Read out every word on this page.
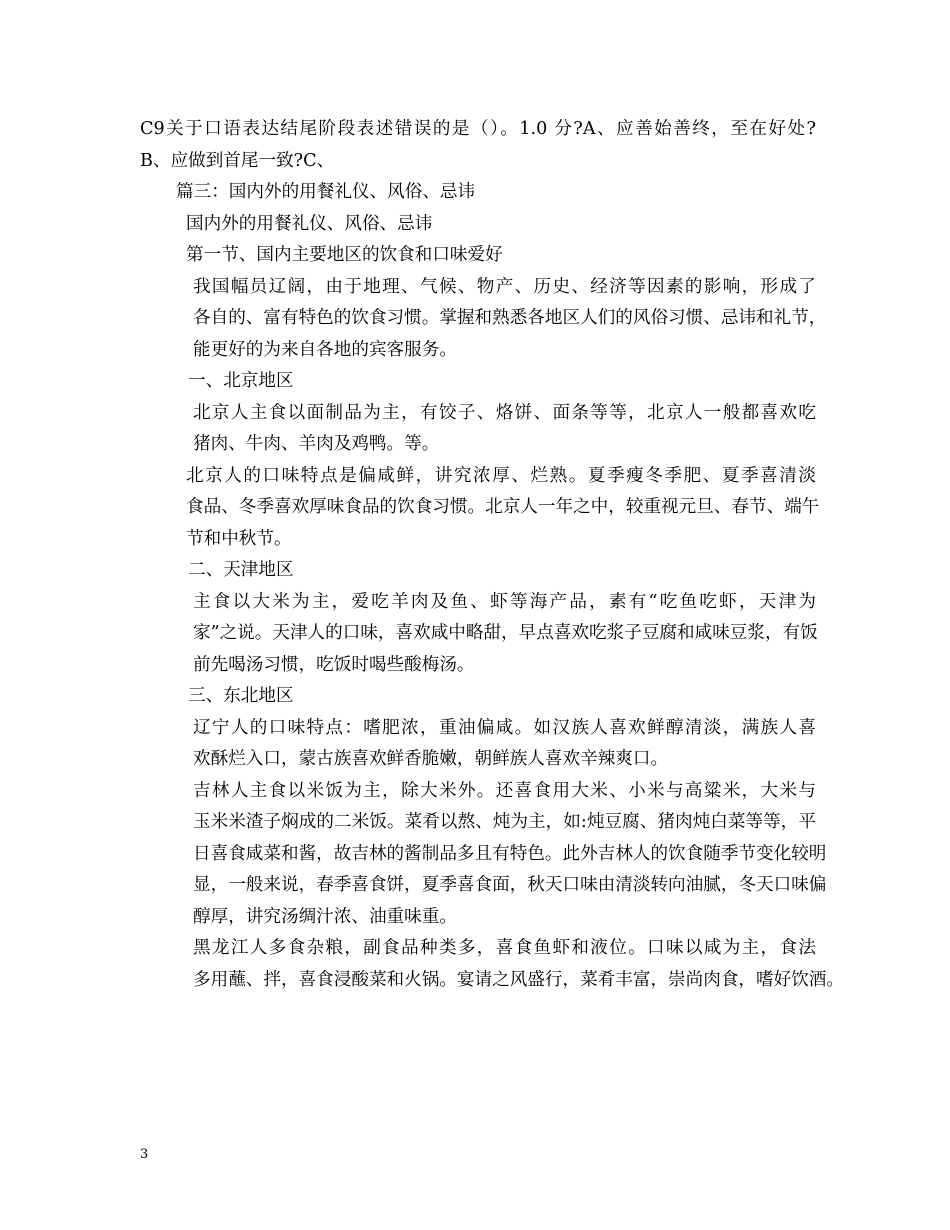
C9关于口语表达结尾阶段表述错误的是（）。1.0 分?A、应善始善终，至在好处?
B、应做到首尾一致?C、
篇三：国内外的用餐礼仪、风俗、忌讳
国内外的用餐礼仪、风俗、忌讳
第一节、国内主要地区的饮食和口味爱好
我国幅员辽阔，由于地理、气候、物产、历史、经济等因素的影响，形成了
各自的、富有特色的饮食习惯。掌握和熟悉各地区人们的风俗习惯、忌讳和礼节，
能更好的为来自各地的宾客服务。
一、北京地区
北京人主食以面制品为主，有饺子、烙饼、面条等等，北京人一般都喜欢吃
猪肉、牛肉、羊肉及鸡鸭。等。
北京人的口味特点是偏咸鲜，讲究浓厚、烂熟。夏季瘦冬季肥、夏季喜清淡
食品、冬季喜欢厚味食品的饮食习惯。北京人一年之中，较重视元旦、春节、端午
节和中秋节。
二、天津地区
主食以大米为主，爱吃羊肉及鱼、虾等海产品，素有“吃鱼吃虾，天津为
家”之说。天津人的口味，喜欢咸中略甜，早点喜欢吃浆子豆腐和咸味豆浆，有饭
前先喝汤习惯，吃饭时喝些酸梅汤。
三、东北地区
辽宁人的口味特点：嗜肥浓，重油偏咸。如汉族人喜欢鲜醇清淡，满族人喜
欢酥烂入口，蒙古族喜欢鲜香脆嫩，朝鲜族人喜欢辛辣爽口。
吉林人主食以米饭为主，除大米外。还喜食用大米、小米与高粱米，大米与
玉米米渣子焖成的二米饭。菜肴以熬、炖为主，如:炖豆腐、猪肉炖白菜等等，平
日喜食咸菜和酱，故吉林的酱制品多且有特色。此外吉林人的饮食随季节变化较明
显，一般来说，春季喜食饼，夏季喜食面，秋天口味由清淡转向油腻，冬天口味偏
醇厚，讲究汤绸汁浓、油重味重。
黑龙江人多食杂粮，副食品种类多，喜食鱼虾和液位。口味以咸为主，食法
多用蘸、拌，喜食浸酸菜和火锅。宴请之风盛行，菜肴丰富，崇尚肉食，嗜好饮酒。
3
